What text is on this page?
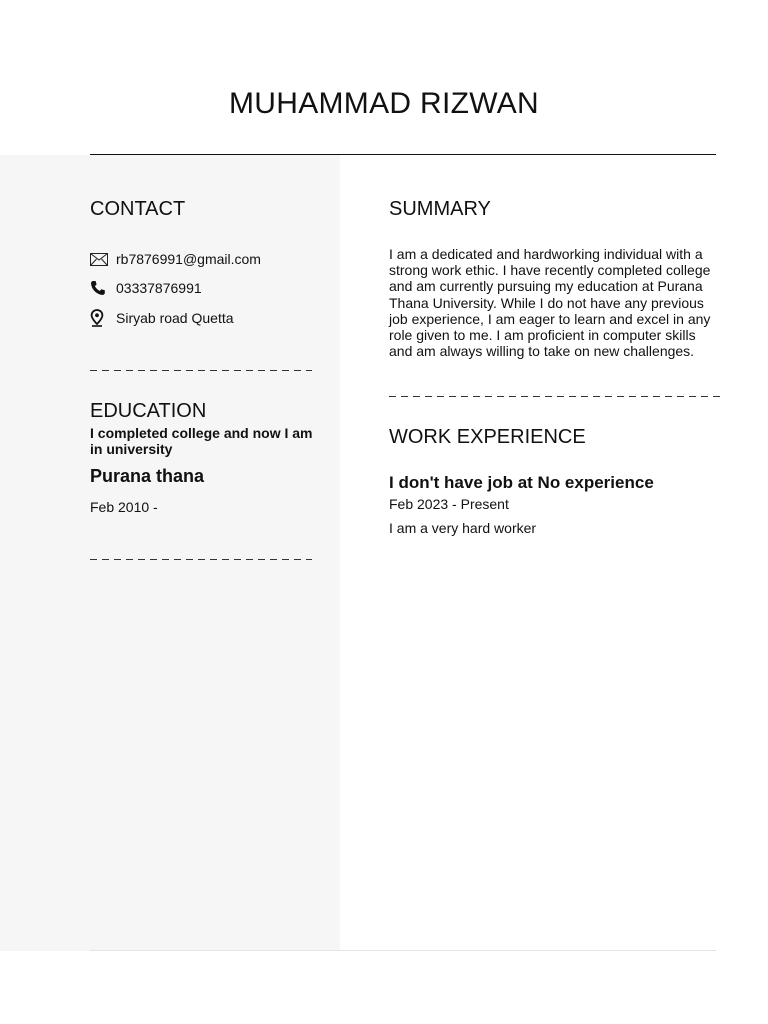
MUHAMMAD RIZWAN
CONTACT
rb7876991@gmail.com
03337876991
Siryab road Quetta
EDUCATION
I completed college and now I am in university
Purana thana
Feb 2010 -
SUMMARY

I am a dedicated and hardworking individual with a strong work ethic. I have recently completed college and am currently pursuing my education at Purana Thana University. While I do not have any previous job experience, I am eager to learn and excel in any role given to me. I am proficient in computer skills and am always willing to take on new challenges.

WORK EXPERIENCE
I don't have job at No experience
Feb 2023 - Present
I am a very hard worker
